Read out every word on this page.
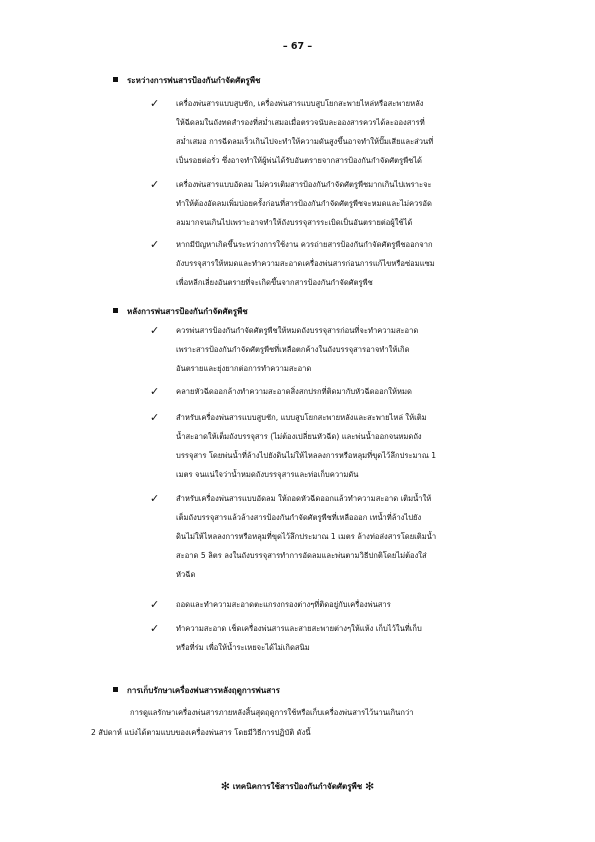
– 67 –
ระหว่างการพ่นสารป้องกันกำจัดศัตรูพืช
✓ เครื่องพ่นสารแบบสูบชัก, เครื่องพ่นสารแบบสูบโยกสะพายไหล่หรือสะพายหลัง
ให้ฉีดลมในถังทดสำรองที่สม่ำเสมอเมื่อตรวจนับละอองสารควรได้ละอองสารที่
สม่ำเสมอ การฉีดลมเร็วเกินไปจะทำให้ความดันสูงขึ้นอาจทำให้ปั๊มเสียและส่วนที่
เป็นรอยต่อรั่ว ซึ่งอาจทำให้ผู้พ่นได้รับอันตรายจากสารป้องกันกำจัดศัตรูพืชได้
✓ เครื่องพ่นสารแบบอัดลม ไม่ควรเติมสารป้องกันกำจัดศัตรูพืชมากเกินไปเพราะจะ
ทำให้ต้องอัดลมเพิ่มบ่อยครั้งก่อนที่สารป้องกันกำจัดศัตรูพืชจะหมดและไม่ควรอัด
ลมมากจนเกินไปเพราะอาจทำให้ถังบรรจุสารระเบิดเป็นอันตรายต่อผู้ใช้ได้
✓ หากมีปัญหาเกิดขึ้นระหว่างการใช้งาน ควรถ่ายสารป้องกันกำจัดศัตรูพืชออกจาก
ถังบรรจุสารให้หมดและทำความสะอาดเครื่องพ่นสารก่อนการแก้ไขหรือซ่อมแซม
เพื่อหลีกเลี่ยงอันตรายที่จะเกิดขึ้นจากสารป้องกันกำจัดศัตรูพืช
หลังการพ่นสารป้องกันกำจัดศัตรูพืช
✓ ควรพ่นสารป้องกันกำจัดศัตรูพืชให้หมดถังบรรจุสารก่อนที่จะทำความสะอาด
เพราะสารป้องกันกำจัดศัตรูพืชที่เหลือตกค้างในถังบรรจุสารอาจทำให้เกิด
อันตรายและยุ่งยากต่อการทำความสะอาด
✓ คลายหัวฉีดออกล้างทำความสะอาดสิ่งสกปรกที่ติดมากับหัวฉีดออกให้หมด
✓ สำหรับเครื่องพ่นสารแบบสูบชัก, แบบสูบโยกสะพายหลังและสะพายไหล่ ให้เติม
น้ำสะอาดให้เต็มถังบรรจุสาร (ไม่ต้องเปลี่ยนหัวฉีด) และพ่นน้ำออกจนหมดถัง
บรรจุสาร โดยพ่นน้ำที่ล้างไปยังดินไม่ให้ไหลลงการหรือหลุมที่ขุดไว้ลึกประมาณ 1
เมตร จนแน่ใจว่าน้ำหมดถังบรรจุสารและท่อเก็บความดัน
✓ สำหรับเครื่องพ่นสารแบบอัดลม ให้ถอดหัวฉีดออกแล้วทำความสะอาด เติมน้ำให้
เต็มถังบรรจุสารแล้วล้างสารป้องกันกำจัดศัตรูพืชที่เหลือออก เทน้ำที่ล้างไปยัง
ดินไม่ให้ไหลลงการหรือหลุมที่ขุดไว้ลึกประมาณ 1 เมตร ล้างท่อส่งสารโดยเติมน้ำ
สะอาด 5 ลิตร ลงในถังบรรจุสารทำการอัดลมและพ่นตามวิธีปกติโดยไม่ต้องใส่
หัวฉีด
✓ ถอดและทำความสะอาดตะแกรงกรองต่างๆที่ติดอยู่กับเครื่องพ่นสาร
✓ ทำความสะอาด เช็ดเครื่องพ่นสารและสายสะพายต่างๆให้แห้ง เก็บไว้ในที่เก็บ
หรือที่ร่ม เพื่อให้น้ำระเหยจะได้ไม่เกิดสนิม
การเก็บรักษาเครื่องพ่นสารหลังฤดูการพ่นสาร
การดูแลรักษาเครื่องพ่นสารภายหลังสิ้นสุดฤดูการใช้หรือเก็บเครื่องพ่นสารไว้นานเกินกว่า
2 สัปดาห์ แบ่งได้ตามแบบของเครื่องพ่นสาร โดยมีวิธีการปฏิบัติ ดังนี้
✻ เทคนิคการใช้สารป้องกันกำจัดศัตรูพืช ✻
